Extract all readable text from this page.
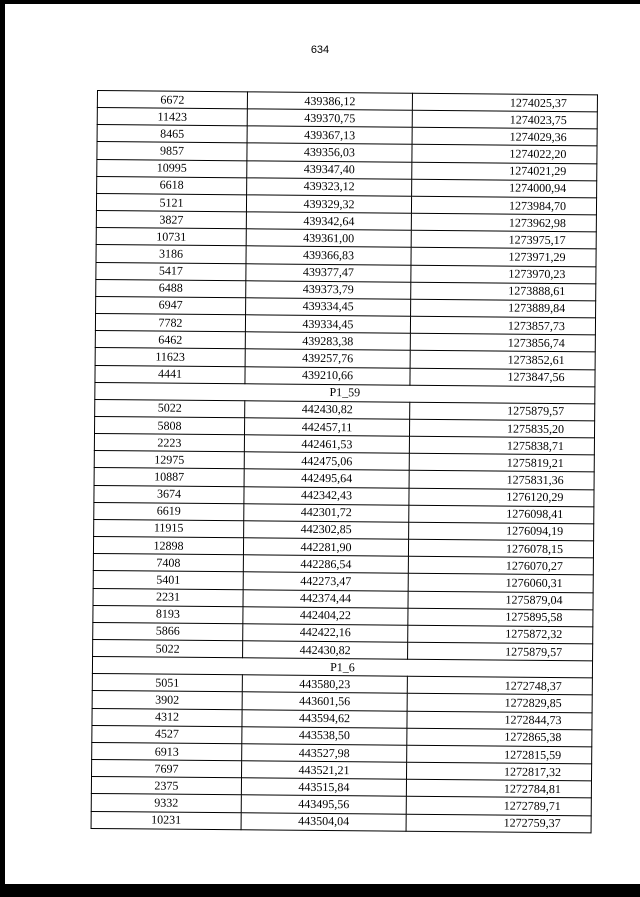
634
6672	439386,12	1274025,37
11423	439370,75	1274023,75
8465	439367,13	1274029,36
9857	439356,03	1274022,20
10995	439347,40	1274021,29
6618	439323,12	1274000,94
5121	439329,32	1273984,70
3827	439342,64	1273962,98
10731	439361,00	1273975,17
3186	439366,83	1273971,29
5417	439377,47	1273970,23
6488	439373,79	1273888,61
6947	439334,45	1273889,84
7782	439334,45	1273857,73
6462	439283,38	1273856,74
11623	439257,76	1273852,61
4441	439210,66	1273847,56
P1_59		
5022	442430,82	1275879,57
5808	442457,11	1275835,20
2223	442461,53	1275838,71
12975	442475,06	1275819,21
10887	442495,64	1275831,36
3674	442342,43	1276120,29
6619	442301,72	1276098,41
11915	442302,85	1276094,19
12898	442281,90	1276078,15
7408	442286,54	1276070,27
5401	442273,47	1276060,31
2231	442374,44	1275879,04
8193	442404,22	1275895,58
5866	442422,16	1275872,32
5022	442430,82	1275879,57
P1_6		
5051	443580,23	1272748,37
3902	443601,56	1272829,85
4312	443594,62	1272844,73
4527	443538,50	1272865,38
6913	443527,98	1272815,59
7697	443521,21	1272817,32
2375	443515,84	1272784,81
9332	443495,56	1272789,71
10231	443504,04	1272759,37
